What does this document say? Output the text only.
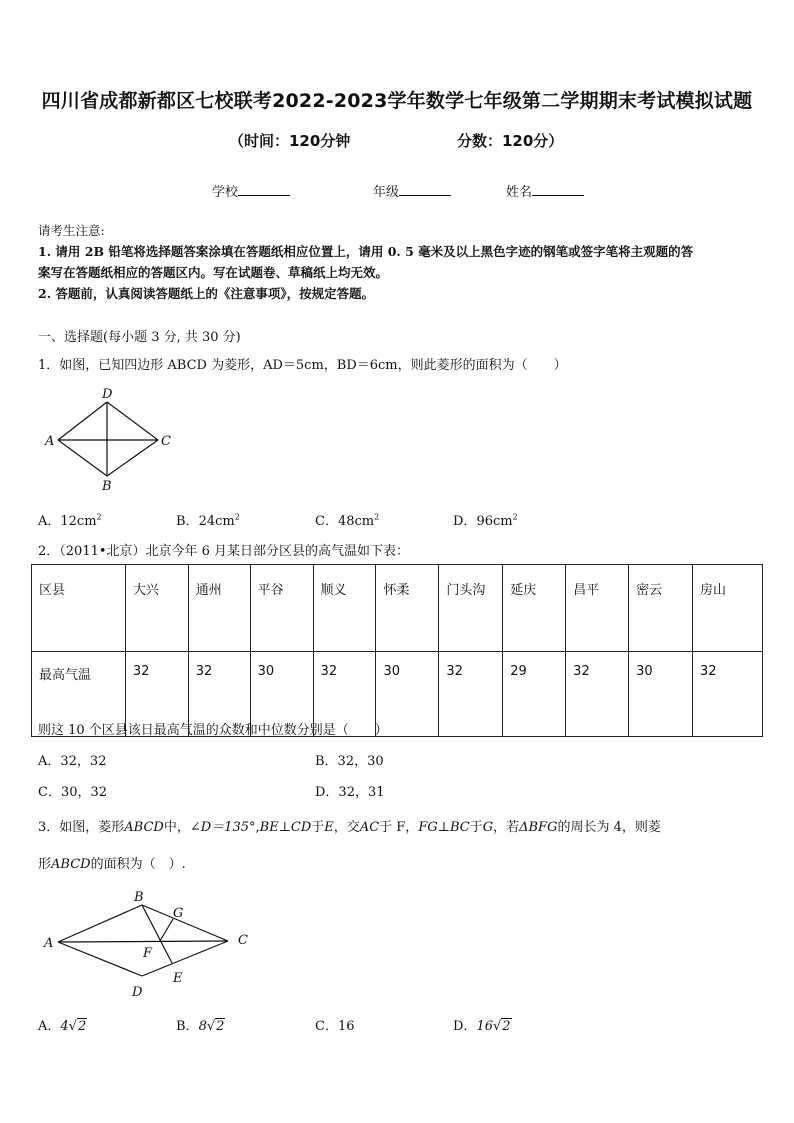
四川省成都新都区七校联考2022-2023学年数学七年级第二学期期末考试模拟试题
（时间：120分钟	分数：120分）
学校	年级	姓名
请考生注意:
1. 请用 2B 铅笔将选择题答案涂填在答题纸相应位置上，请用 0. 5 毫米及以上黑色字迹的钢笔或签字笔将主观题的答
案写在答题纸相应的答题区内。写在试题卷、草稿纸上均无效。
2. 答题前，认真阅读答题纸上的《注意事项》，按规定答题。
一、选择题(每小题 3 分, 共 30 分)
1．如图，已知四边形 ABCD 为菱形，AD＝5cm，BD＝6cm，则此菱形的面积为（　　）
D
A	C
B
A．$12cm^2$	B．$24cm^2$	C．$48cm^2$	D．$96cm^2$
2．（2011•北京）北京今年 6 月某日部分区县的高气温如下表：
区县	大兴	通州	平谷	顺义	怀柔	门头沟	延庆	昌平	密云	房山
最高气温	32	32	30	32	30	32	29	32	30	32
则这 10 个区县该日最高气温的众数和中位数分别是（　　）
A．32，32	B．32，30
C．30，32	D．32，31
3．如图，菱形ABCD中，∠D＝135°,BE⊥CD于E，交AC于 F，FG⊥BC于G，若ΔBFG的周长为 4，则菱
形ABCD的面积为（　）.
B
G
A	C
F
E
D
A．4√2	B．8√2	C．16	D．16√2
